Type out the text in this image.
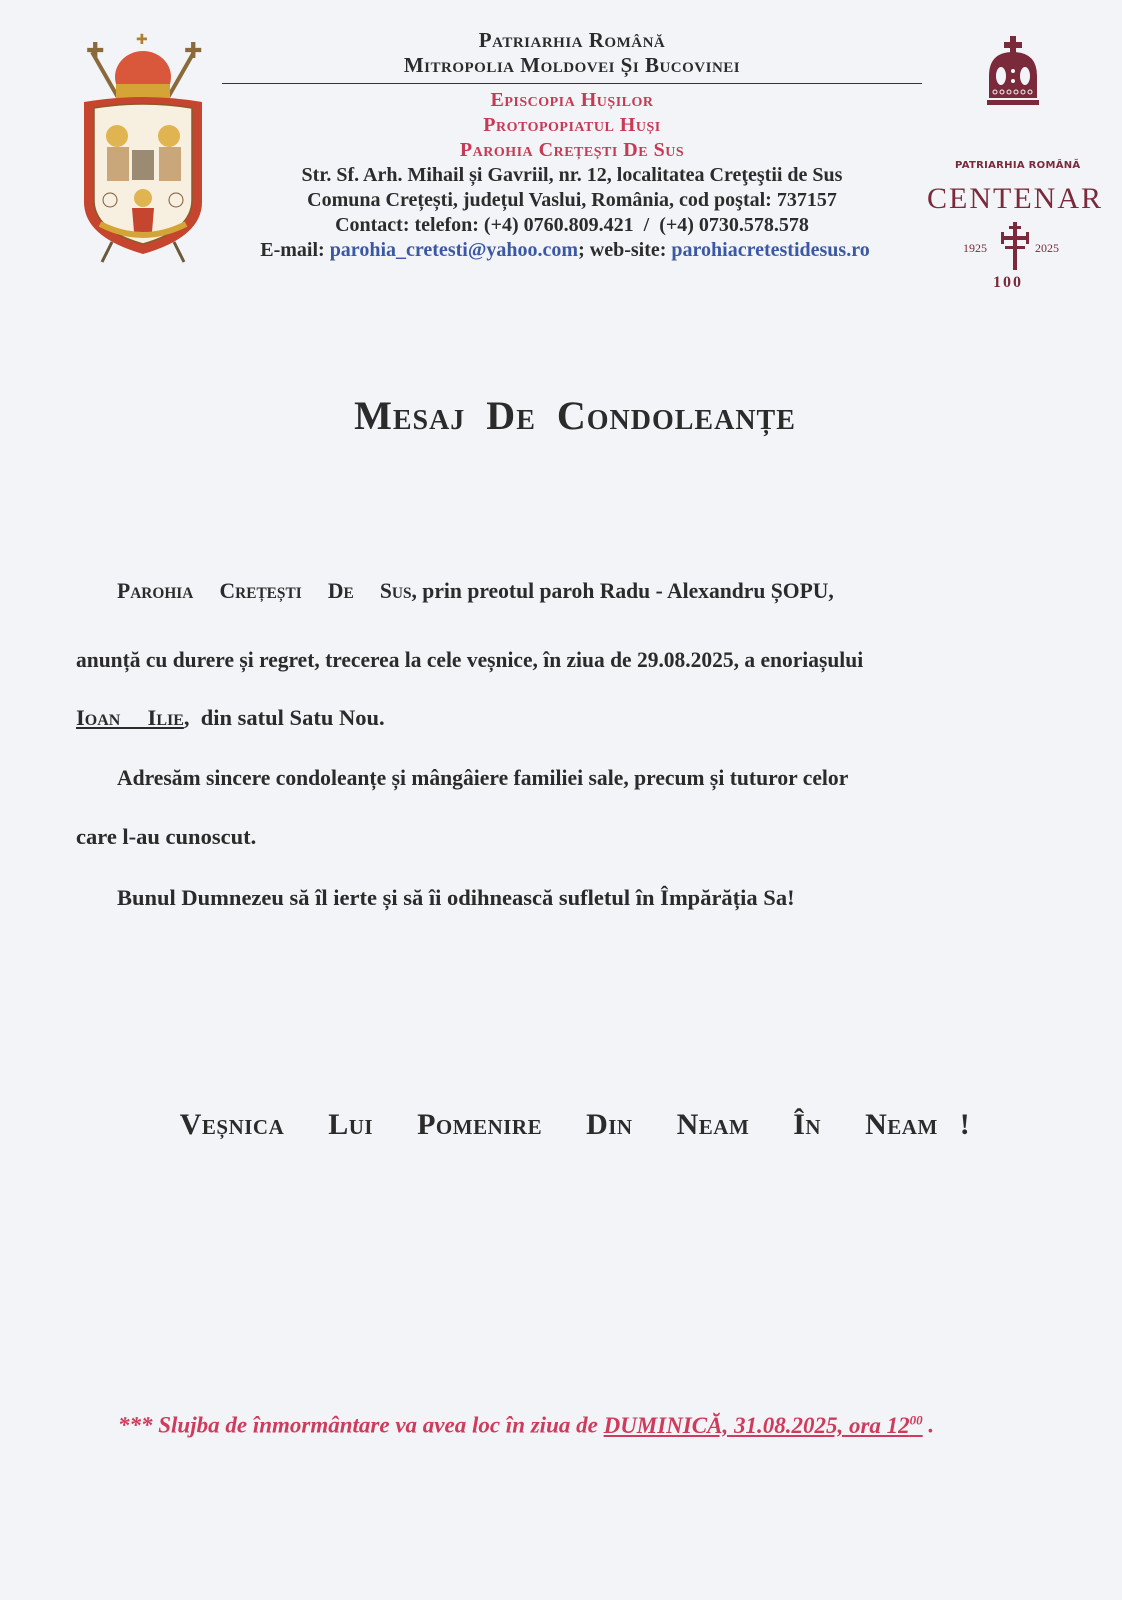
✚	✚
✚	Patriarhia Română
Mitropolia Moldovei Și Bucovinei
Episcopia Hușilor
Protopopiatul Huși
Parohia Crețești De Sus
Str. Sf. Arh. Mihail și Gavriil, nr. 12, localitatea Creţeştii de Sus
Comuna Crețești, județul Vaslui, România, cod poştal: 737157
Contact: telefon: (+4) 0760.809.421  /  (+4) 0730.578.578
E-mail: parohia_cretesti@yahoo.com; web-site: parohiacretestidesus.ro
PATRIARHIA ROMÂNĂ
CENTENAR
1925	2025
100
Mesaj De Condoleanțe
Parohia  Crețești  De  Sus, prin preotul paroh Radu - Alexandru ȘOPU,
anunță cu durere și regret, trecerea la cele veșnice, în ziua de 29.08.2025, a enoriașului
Ioan  Ilie,  din satul Satu Nou.
Adresăm sincere condoleanțe și mângâiere familiei sale, precum și tuturor celor
care l-au cunoscut.
Bunul Dumnezeu să îl ierte și să îi odihnească sufletul în Împărăția Sa!
Veșnica  Lui  Pomenire  Din  Neam  În  Neam !
*** Slujba de înmormântare va avea loc în ziua de DUMINICĂ, 31.08.2025, ora $12^{00}$ .
